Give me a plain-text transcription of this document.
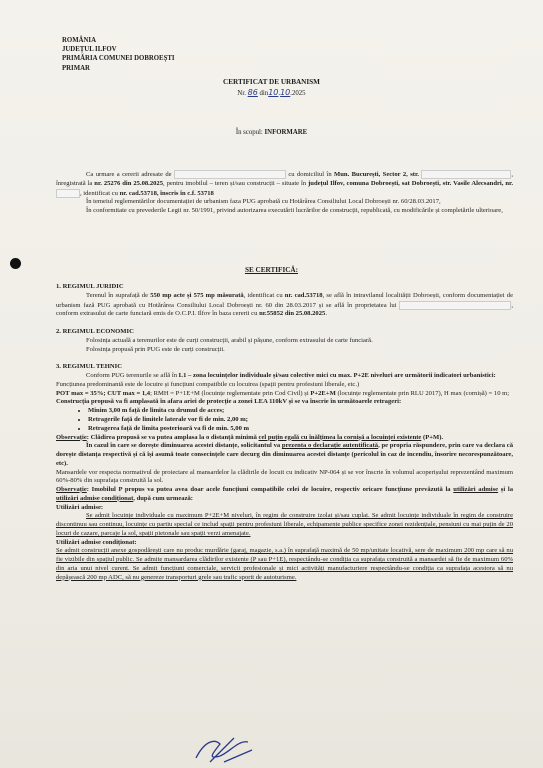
ROMÂNIA
JUDEȚUL ILFOV
PRIMĂRIA COMUNEI DOBROEȘTI
PRIMAR
CERTIFICAT DE URBANISM
Nr. 86 din10.10.2025
În scopul: INFORMARE

Ca urmare a cererii adresate de	cu domiciliul în Mun. București, Sector 2, str.	, înregistrată la nr. 25276 din 25.08.2025, pentru imobilul – teren și/sau construcții – situate în județul Ilfov, comuna Dobroești, sat Dobroești, str. Vasile Alecsandri, nr. , identificat cu nr. cad.53718, înscris în c.f. 53718

În temeiul reglementărilor documentației de urbanism faza PUG aprobată cu Hotărârea Consiliului Local Dobroești nr. 60/28.03.2017,

În conformitate cu prevederile Legii nr. 50/1991, privind autorizarea executării lucrărilor de construcții, republicată, cu modificările și completările ulterioare,

SE CERTIFICĂ:
1. REGIMUL JURIDIC

Terenul în suprafață de 550 mp acte și 575 mp măsurată, identificat cu nr. cad.53718, se află în intravilanul localității Dobroești, conform documentației de urbanism fază PUG aprobată cu Hotărârea Consiliului Local Dobroești nr. 60 din 28.03.2017 și se află în proprietatea lui	, conform extrasului de carte funciară emis de O.C.P.I. Ilfov în baza cererii cu nr.55852 din 25.08.2025.

2. REGIMUL ECONOMIC

Folosința actuală a terenurilor este de curți construcții, arabil și pășune, conform extrasului de carte funciară.

Folosința propusă prin PUG este de curți construcții.

3. REGIMUL TEHNIC

Conform PUG terenurile se află în L1 – zona locuințelor individuale și/sau colective mici cu max. P+2E niveluri are următorii indicatori urbanistici:

Funcțiunea predominantă este de locuire și funcțiuni compatibile cu locuirea (spații pentru profesiuni liberale, etc.)

POT max = 35%; CUT max = 1,4; RMH = P+1E+M (locuințe reglementate prin Cod Civil) și P+2E+M (locuințe reglementate prin RLU 2017), H max (cornișă) = 10 m;

Construcția propusă va fi amplasată în afara ariei de protecție a zonei LEA 110kV și se va înscrie în următoarele retrageri:

• Minim 3,00 m față de limita cu drumul de acces;
• Retragerile față de limitele laterale vor fi de min. 2,00 m;
• Retragerea față de limita posterioară va fi de min. 5,00 m

Observație: Clădirea propusă se va putea amplasa la o distanță minimă cel puțin egală cu înălțimea la cornișă a locuinței existente (P+M).

În cazul în care se dorește diminuarea acestei distanțe, solicitantul va prezenta o declarație autentificată, pe propria răspundere, prin care va declara că dorește distanța respectivă și că își asumă toate consecințele care decurg din diminuarea acestei distanțe (pericolul în caz de incendiu, însorire necorespunzătoare, etc).

Mansardele vor respecta normativul de proiectare al mansardelor la clădirile de locuit cu indicativ NP-064 și se vor înscrie în volumul acoperișului reprezentând maximum 60%-80% din suprafața construită la sol.

Observație: Imobilul P propus va putea avea doar acele funcțiuni compatibile celei de locuire, respectiv oricare funcțiune prevăzută la utilizări admise și la utilizări admise condiționat, după cum urmează:

Utilizări admise:

Se admit locuințe individuale cu maximum P+2E+M niveluri, în regim de construire izolat și/sau cuplat. Se admit locuințe individuale în regim de construire discontinuu sau continuu, locuințe cu partiu special ce includ spații pentru profesiuni liberale, echipamente publice specifice zonei rezidențiale, pensiuni cu mai puțin de 20 locuri de cazare, parcaje la sol, spații pietonale sau spații verzi amenajate.

Utilizări admise condiționat:

Se admit construcții anexe gospodărești care nu produc murdărie (garaj, magazie, s.a.) în suprafață maximă de 50 mp/unitate locativă, sere de maximum 200 mp care să nu fie vizibile din spațiul public. Se admite mansardarea clădirilor existente (P sau P+1E), respectându-se condiția ca suprafața construită a mansardei să fie de maximum 60% din aria unui nivel curent. Se admit funcțiuni comerciale, servicii profesionale și mici activități manufacturiere respectându-se condiția ca suprafața acestora să nu depășească 200 mp ADC, să nu genereze transporturi grele sau trafic sporit de autoturisme.
